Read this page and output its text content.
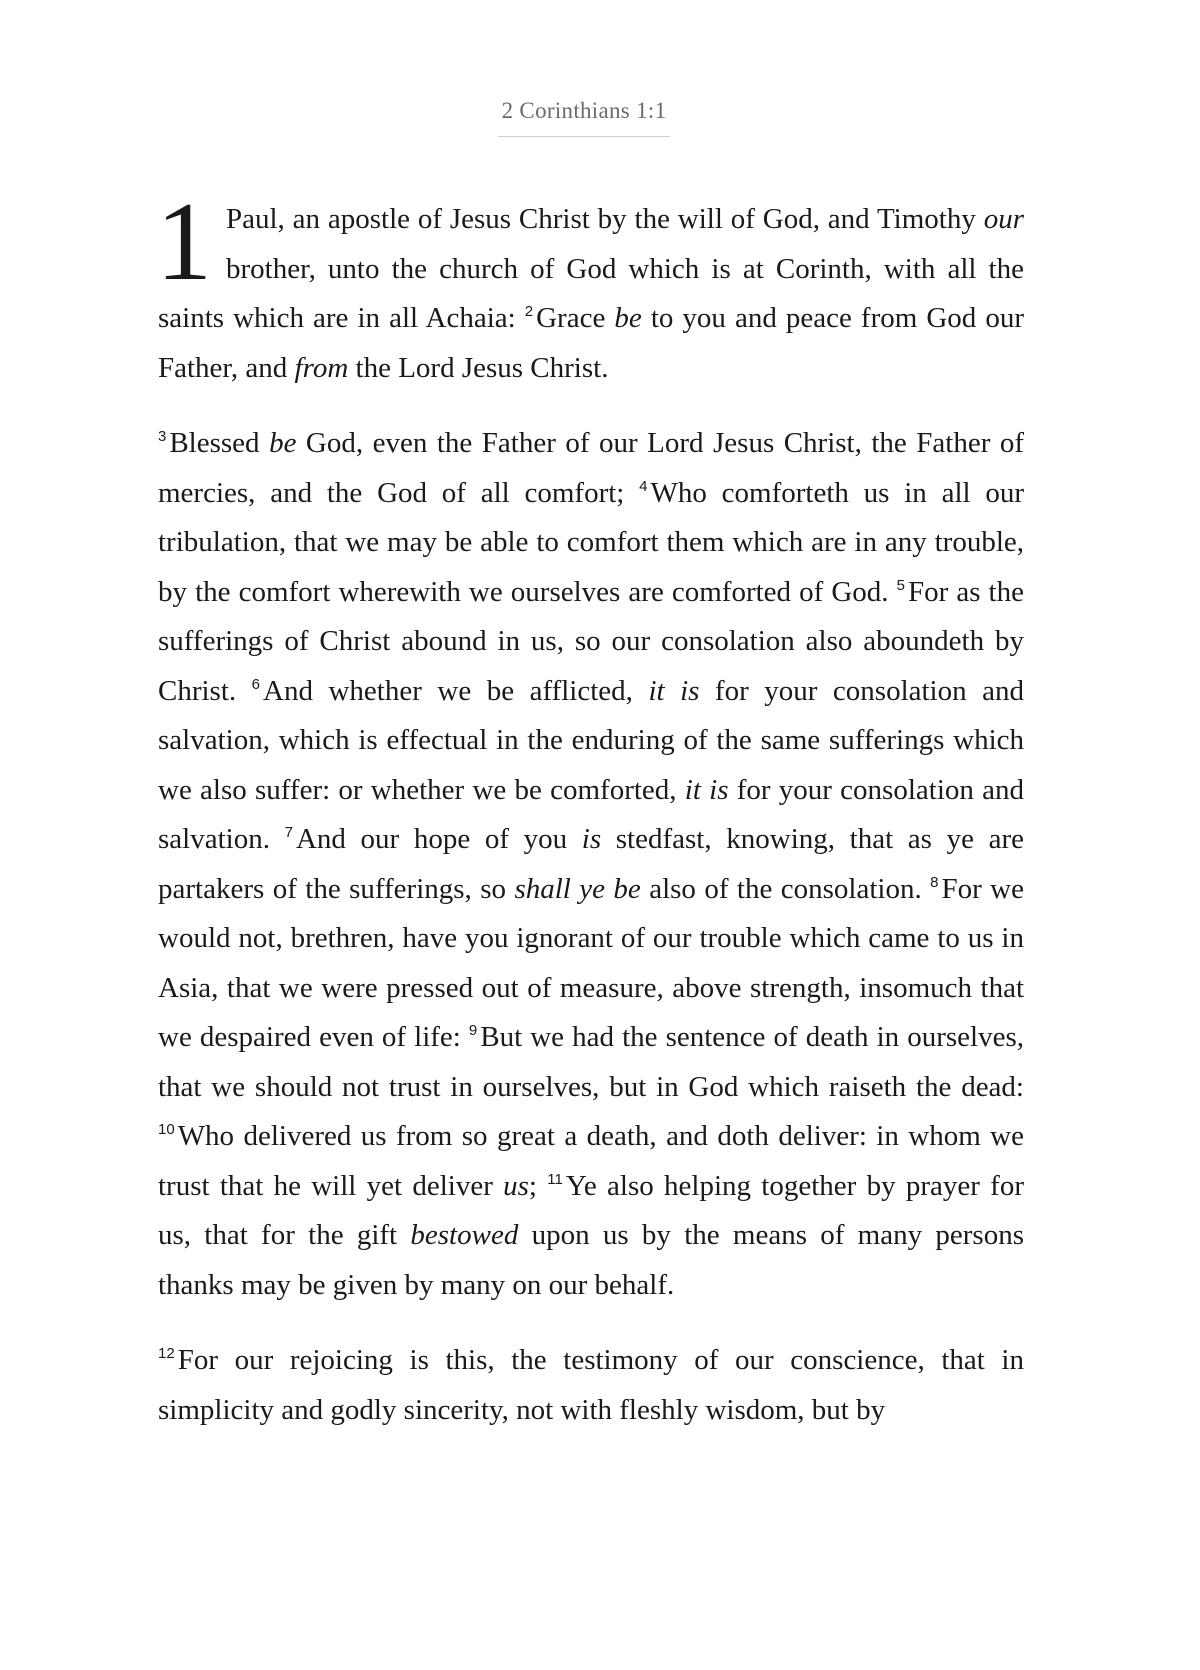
2 Corinthians 1:1

1 Paul, an apostle of Jesus Christ by the will of God, and Timothy our brother, unto the church of God which is at Corinth, with all the saints which are in all Achaia: $^2$ Grace be to you and peace from God our Father, and from the Lord Jesus Christ.

$^3$ Blessed be God, even the Father of our Lord Jesus Christ, the Father of mercies, and the God of all comfort; $^4$ Who comforteth us in all our tribulation, that we may be able to comfort them which are in any trouble, by the comfort wherewith we ourselves are comforted of God. $^5$ For as the sufferings of Christ abound in us, so our consolation also aboundeth by Christ. $^6$ And whether we be afflicted, it is for your consolation and salvation, which is effectual in the enduring of the same sufferings which we also suffer: or whether we be comforted, it is for your consolation and salvation. $^7$ And our hope of you is stedfast, knowing, that as ye are partakers of the sufferings, so shall ye be also of the consolation. $^8$ For we would not, brethren, have you ignorant of our trouble which came to us in Asia, that we were pressed out of measure, above strength, insomuch that we despaired even of life: $^9$ But we had the sentence of death in ourselves, that we should not trust in ourselves, but in God which raiseth the dead: $^{10}$ Who delivered us from so great a death, and doth deliver: in whom we trust that he will yet deliver us; $^{11}$ Ye also helping together by prayer for us, that for the gift bestowed upon us by the means of many persons thanks may be given by many on our behalf.

$^{12}$ For our rejoicing is this, the testimony of our conscience, that in simplicity and godly sincerity, not with fleshly wisdom, but by
